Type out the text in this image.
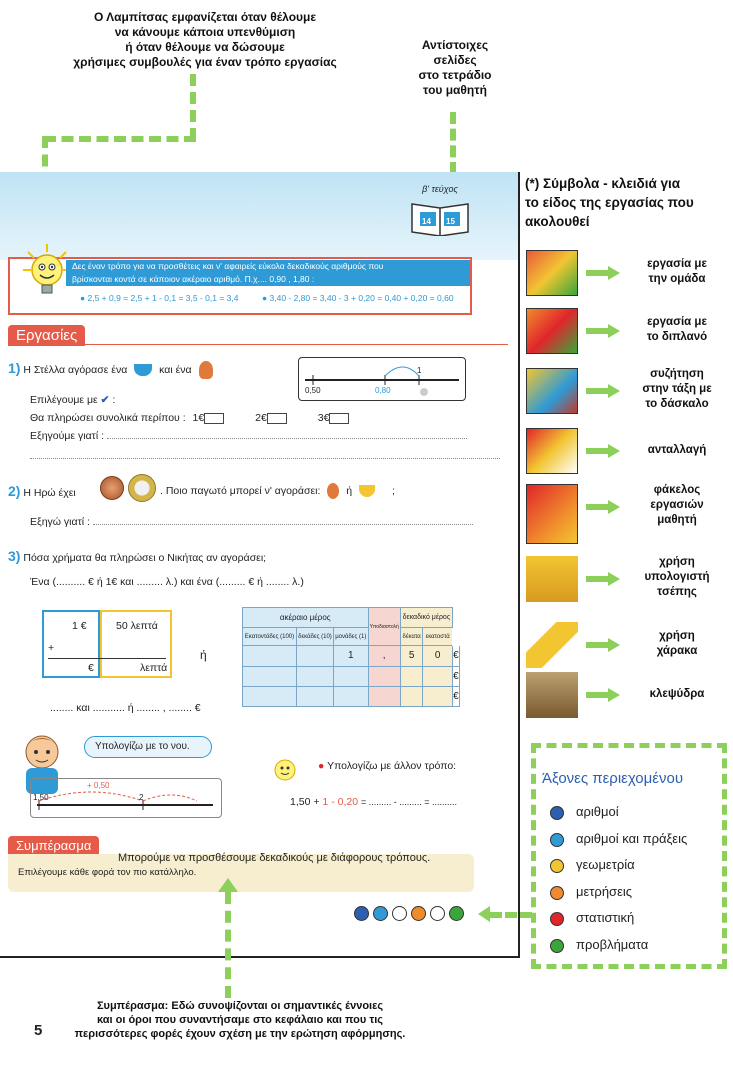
Ο Λαμπίτσας εμφανίζεται όταν θέλουμε
να κάνουμε κάποια υπενθύμιση
ή όταν θέλουμε να δώσουμε
χρήσιμες συμβουλές για έναν τρόπο εργασίας
Αντίστοιχες
σελίδες
στο τετράδιο
του μαθητή
β' τεύχος
14 15
Δες έναν τρόπο για να προσθέτεις και ν' αφαιρείς εύκολα δεκαδικούς αριθμούς που
βρίσκονται κοντά σε κάποιον ακέραιο αριθμό. Π.χ.... 0,90 , 1,80 :
● 2,5 + 0,9 = 2,5 + 1 - 0,1 = 3,5 - 0,1 = 3,4	● 3,40 - 2,80 = 3,40 - 3 + 0,20 = 0,40 + 0,20 = 0,60
Εργασίες
1) Η Στέλλα αγόρασε ένα	και ένα
0,50	0,80
1
Επιλέγουμε με ✔ :
Θα πληρώσει συνολικά περίπου : 1€	2€	3€
Εξηγούμε γιατί :
2) Η Ηρώ έχει	. Ποιο παγωτό μπορεί ν' αγοράσει: ή	;
Εξηγώ γιατί :
3) Πόσα χρήματα θα πληρώσει ο Νικήτας αν αγοράσει;
Ένα (.......... € ή 1€ και ......... λ.) και ένα (......... € ή ........ λ.)
1 €	50 λεπτά
+
€	λεπτά
........ και ........... ή ........ , ........ €
ή
ακέραιο μέρος			Υποδιαστολή	δεκαδικό μέρος		
Εκατοντάδες (100)	δεκάδες (10)	μονάδες (1)		δέκατα	εκατοστά	
		1	,	5	0	€
						€
						€
Υπολογίζω με το νου.
+ 0,50
1,50	2
● Υπολογίζω με άλλον τρόπο:
1,50 + 1 - 0,20 = ......... - ......... = ..........
Συμπέρασμα
Μπορούμε να προσθέσουμε δεκαδικούς με διάφορους τρόπους.
Επιλέγουμε κάθε φορά τον πιο κατάλληλο.
Συμπέρασμα: Εδώ συνοψίζονται οι σημαντικές έννοιες
και οι όροι που συναντήσαμε στο κεφάλαιο και που τις
περισσότερες φορές έχουν σχέση με την ερώτηση αφόρμησης.
5
(*) Σύμβολα - κλειδιά για
το είδος της εργασίας που
ακολουθεί
εργασία με
την ομάδα
εργασία με
το διπλανό
συζήτηση
στην τάξη με
το δάσκαλο
ανταλλαγή
φάκελος
εργασιών
μαθητή
χρήση
υπολογιστή
τσέπης
χρήση
χάρακα
κλεψύδρα
Άξονες περιεχομένου
αριθμοί
αριθμοί και πράξεις
γεωμετρία
μετρήσεις
στατιστική
προβλήματα
